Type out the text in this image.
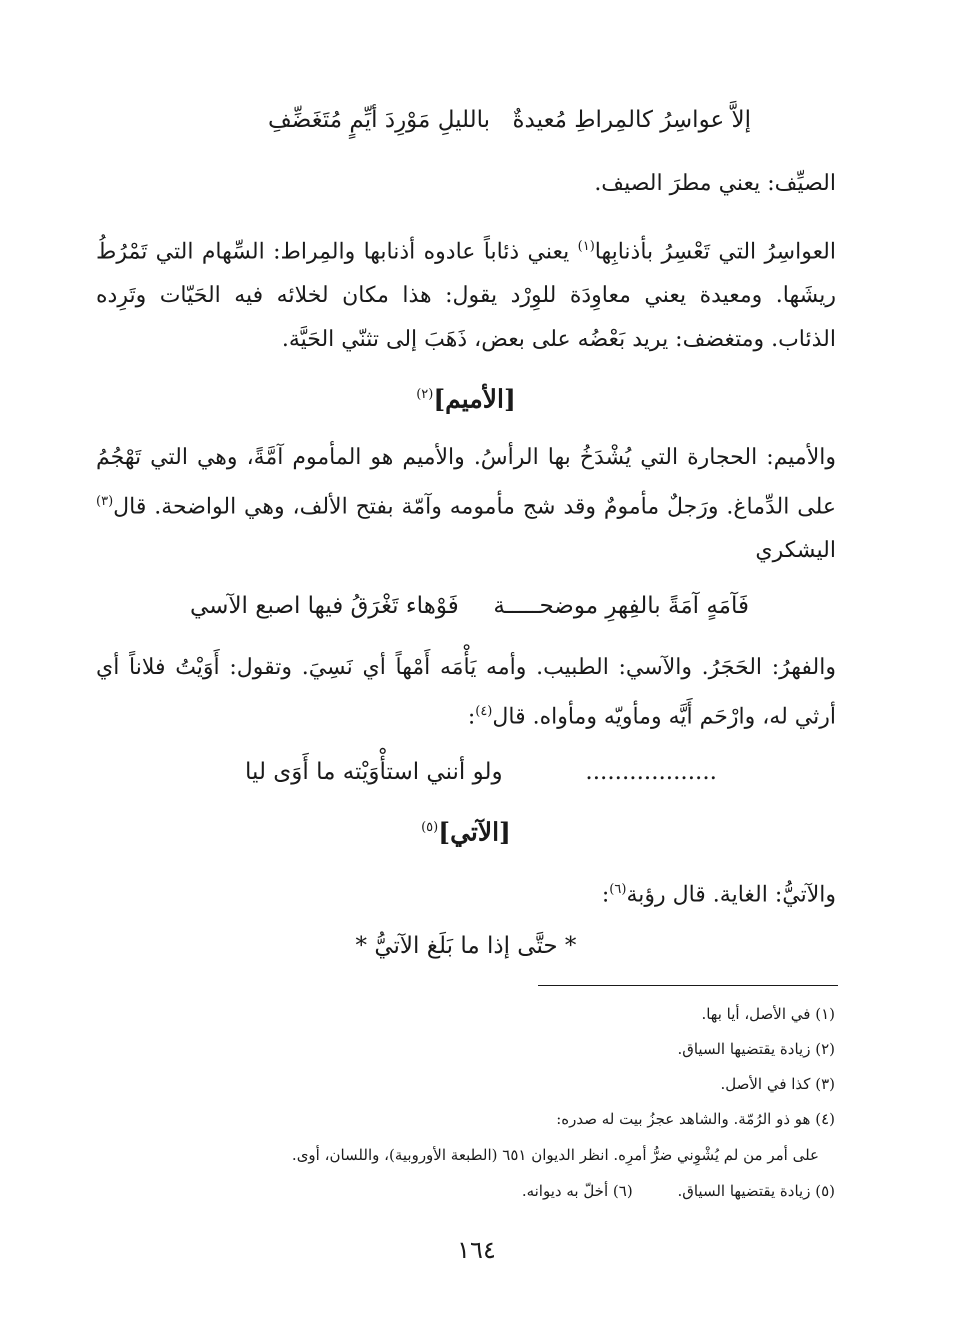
إلاَّ عواسِرُ كالمِراطِ مُعيدةٌ
بالليلِ مَوْرِدَ أيِّمٍ مُتَغَضِّفِ
الصيِّف: يعني مطرَ الصيف.
العواسِرُ التي تَعْسِرُ بأذنابِها$^{(١)}$ يعني ذئاباً عادوه أذنابها والمِراط: السِّهام التي تَمْرُطُ ريشَها. ومعيدة يعني معاوِدَة للوِرْد يقول: هذا مكان لخلائه فيه الحَيّات وتَرِده الذئاب. ومتغضف: يريد بَعْضُه على بعض، ذَهَبَ إلى تثنّي الحَيَّة.
[الأميم]$^{(٢)}$
والأميم: الحجارة التي يُشْدَخُ بها الرأسُ. والأميم هو المأموم آمَّةً، وهي التي تَهْجُمُ على الدِّماغ. ورَجلٌ مأمومٌ وقد شج مأمومه وآمّة بفتح الألف، وهي الواضحة. قال$^{(٣)}$ اليشكري
فَآمَهٍ آمَةً بالفِهرِ موضحـــــة
فَوْهاء تَغْرَقُ فيها اصبع الآسي
والفهرُ: الحَجَرُ. والآسي: الطبيب. وأمه يَأْمَه أَمْهاً أي نَسِيَ. وتقول: أَوَيْتُ فلاناً أي أرثي له، وارْحَم أَيَّه ومأويّه ومأواه. قال$^{(٤)}$:
..................
ولو أنني استأْوَيْته ما أَوَى ليا
[الآتي]$^{(٥)}$
والآتيُّ: الغاية. قال رؤبة$^{(٦)}$:
* حتَّى إذا ما بَلَغ الآتيُّ *
(١) في الأصل، أيا بها.
(٢) زيادة يقتضيها السياق.
(٣) كذا في الأصل.
(٤) هو ذو الرُمّة. والشاهد عجزُ بيت له صدره:
على أمر من لم يُشْوِني ضرُّ أمرِه. انظر الديوان ٦٥١ (الطبعة الأوروبية)، واللسان، أوى.
(٥) زيادة يقتضيها السياق. (٦) أخلّ به ديوانه.
١٦٤
